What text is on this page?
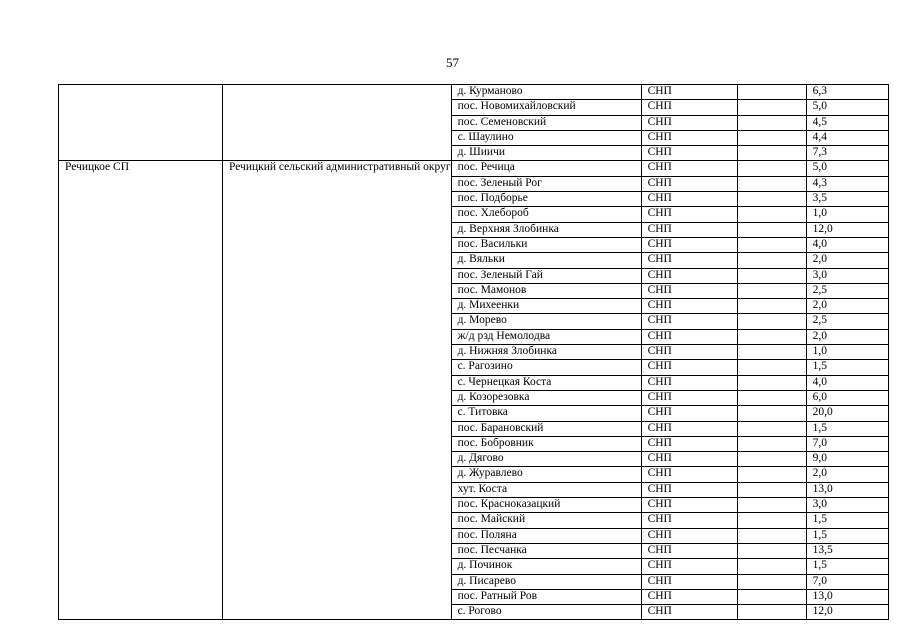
57
		д. Курманово	СНП		6,3
		пос. Новомихайловский	СНП		5,0
		пос. Семеновский	СНП		4,5
		с. Шаулино	СНП		4,4
		д. Шиичи	СНП		7,3
Речицкое СП	Речицкий сельский административный округ	пос. Речица	СНП		5,0
		пос. Зеленый Рог	СНП		4,3
		пос. Подборье	СНП		3,5
		пос. Хлебороб	СНП		1,0
		д. Верхняя Злобинка	СНП		12,0
		пос. Васильки	СНП		4,0
		д. Вяльки	СНП		2,0
		пос. Зеленый Гай	СНП		3,0
		пос. Мамонов	СНП		2,5
		д. Михеенки	СНП		2,0
		д. Морево	СНП		2,5
		ж/д рзд Немолодва	СНП		2,0
		д. Нижняя Злобинка	СНП		1,0
		с. Рагозино	СНП		1,5
		с. Чернецкая Коста	СНП		4,0
		д. Козорезовка	СНП		6,0
		с. Титовка	СНП		20,0
		пос. Барановский	СНП		1,5
		пос. Бобровник	СНП		7,0
		д. Дягово	СНП		9,0
		д. Журавлево	СНП		2,0
		хут. Коста	СНП		13,0
		пос. Красноказацкий	СНП		3,0
		пос. Майский	СНП		1,5
		пос. Поляна	СНП		1,5
		пос. Песчанка	СНП		13,5
		д. Починок	СНП		1,5
		д. Писарево	СНП		7,0
		пос. Ратный Ров	СНП		13,0
		с. Рогово	СНП		12,0
